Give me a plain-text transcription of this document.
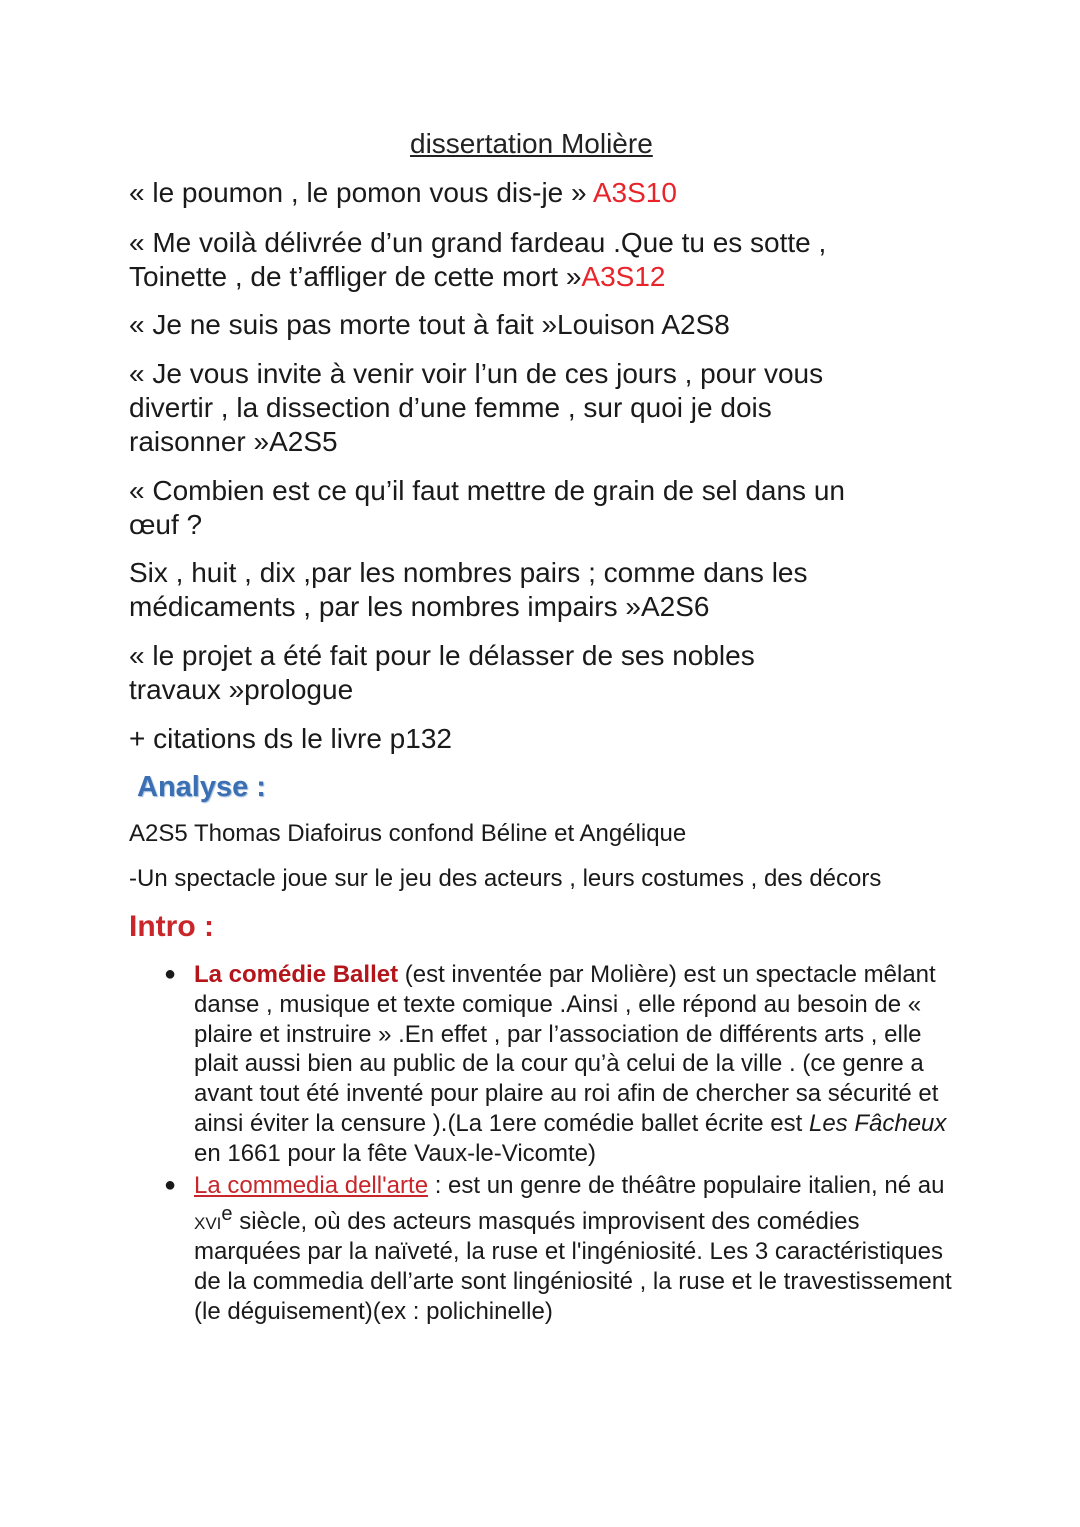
dissertation Molière
« le poumon , le pomon vous dis-je » A3S10
« Me voilà délivrée d’un grand fardeau .Que tu es sotte , Toinette , de t’affliger de cette mort »A3S12
« Je ne suis pas morte tout à fait »Louison A2S8
« Je vous invite à venir voir l’un de ces jours , pour vous divertir , la dissection d’une femme , sur quoi je dois raisonner »A2S5
« Combien est ce qu’il faut mettre de grain de sel dans un œuf ?
Six , huit , dix ,par les nombres pairs ; comme dans les médicaments , par les nombres impairs »A2S6
« le projet a été fait pour le délasser de ses nobles travaux »prologue
+ citations ds le livre p132
Analyse :
A2S5 Thomas Diafoirus confond Béline et Angélique
-Un spectacle joue sur le jeu des acteurs , leurs costumes , des décors
Intro :
● La comédie Ballet (est inventée par Molière) est un spectacle mêlant danse , musique et texte comique .Ainsi , elle répond au besoin de « plaire et instruire » .En effet , par l’association de différents arts , elle plait aussi bien au public de la cour qu’à celui de la ville . (ce genre a avant tout été inventé pour plaire au roi afin de chercher sa sécurité et ainsi éviter la censure ).(La 1ere comédie ballet écrite est Les Fâcheux en 1661 pour la fête Vaux-le-Vicomte)
● La commedia dell'arte : est un genre de théâtre populaire italien, né au xvi$^e$ siècle, où des acteurs masqués improvisent des comédies marquées par la naïveté, la ruse et l'ingéniosité. Les 3 caractéristiques de la commedia dell’arte sont lingéniosité , la ruse et le travestissement (le déguisement)(ex : polichinelle)
